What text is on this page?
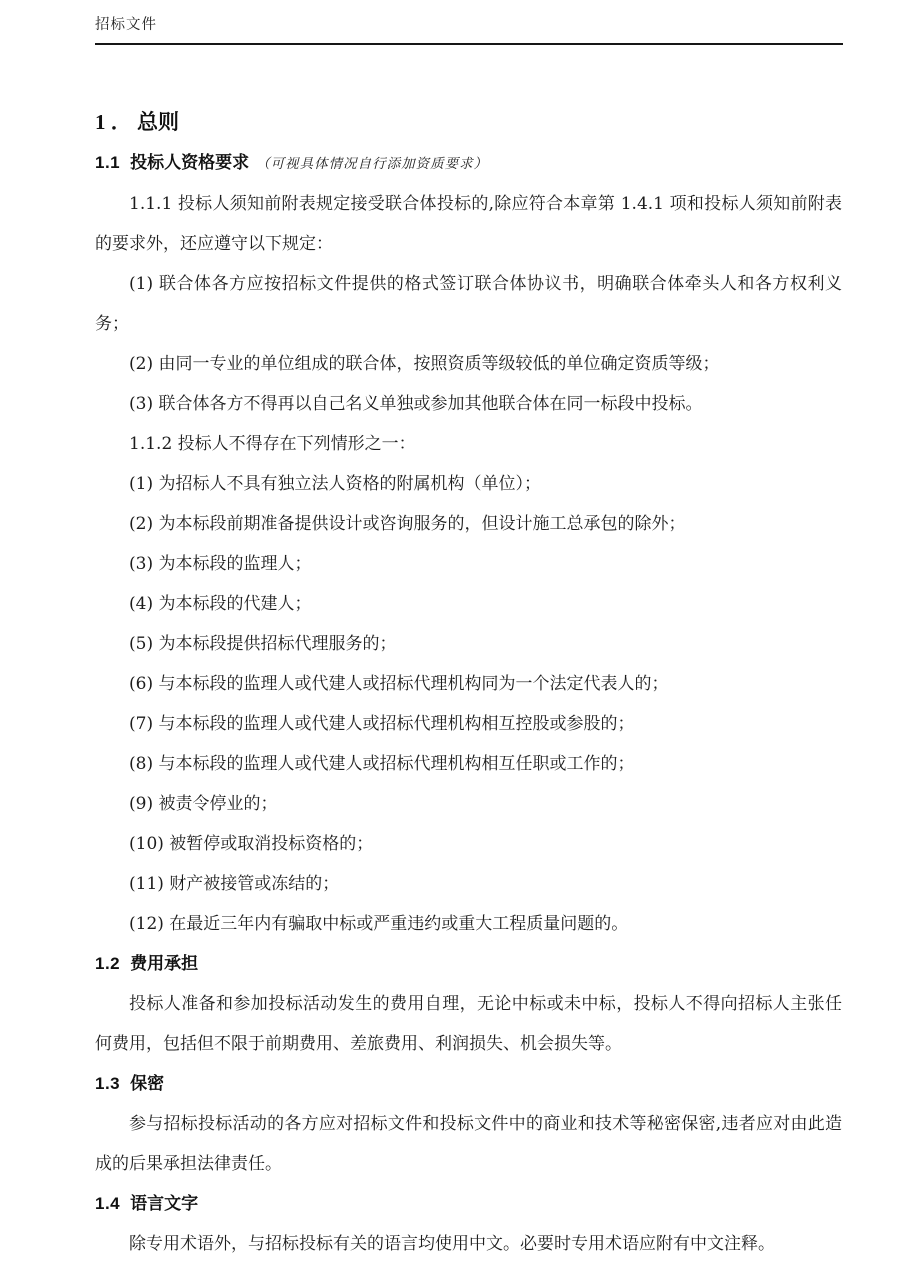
招标文件
1 ． 总则
1.1 投标人资格要求 （可视具体情况自行添加资质要求）

1.1.1 投标人须知前附表规定接受联合体投标的,除应符合本章第 1.4.1 项和投标人须知前附表的要求外，还应遵守以下规定：

(1) 联合体各方应按招标文件提供的格式签订联合体协议书，明确联合体牵头人和各方权利义务；

(2) 由同一专业的单位组成的联合体，按照资质等级较低的单位确定资质等级；

(3) 联合体各方不得再以自己名义单独或参加其他联合体在同一标段中投标。

1.1.2 投标人不得存在下列情形之一：

(1) 为招标人不具有独立法人资格的附属机构（单位）；

(2) 为本标段前期准备提供设计或咨询服务的，但设计施工总承包的除外；

(3) 为本标段的监理人；

(4) 为本标段的代建人；

(5) 为本标段提供招标代理服务的；

(6) 与本标段的监理人或代建人或招标代理机构同为一个法定代表人的；

(7) 与本标段的监理人或代建人或招标代理机构相互控股或参股的；

(8) 与本标段的监理人或代建人或招标代理机构相互任职或工作的；

(9) 被责令停业的；

(10) 被暂停或取消投标资格的；

(11) 财产被接管或冻结的；

(12) 在最近三年内有骗取中标或严重违约或重大工程质量问题的。

1.2 费用承担

投标人准备和参加投标活动发生的费用自理，无论中标或未中标，投标人不得向招标人主张任何费用，包括但不限于前期费用、差旅费用、利润损失、机会损失等。

1.3 保密

参与招标投标活动的各方应对招标文件和投标文件中的商业和技术等秘密保密,违者应对由此造成的后果承担法律责任。

1.4 语言文字

除专用术语外，与招标投标有关的语言均使用中文。必要时专用术语应附有中文注释。
